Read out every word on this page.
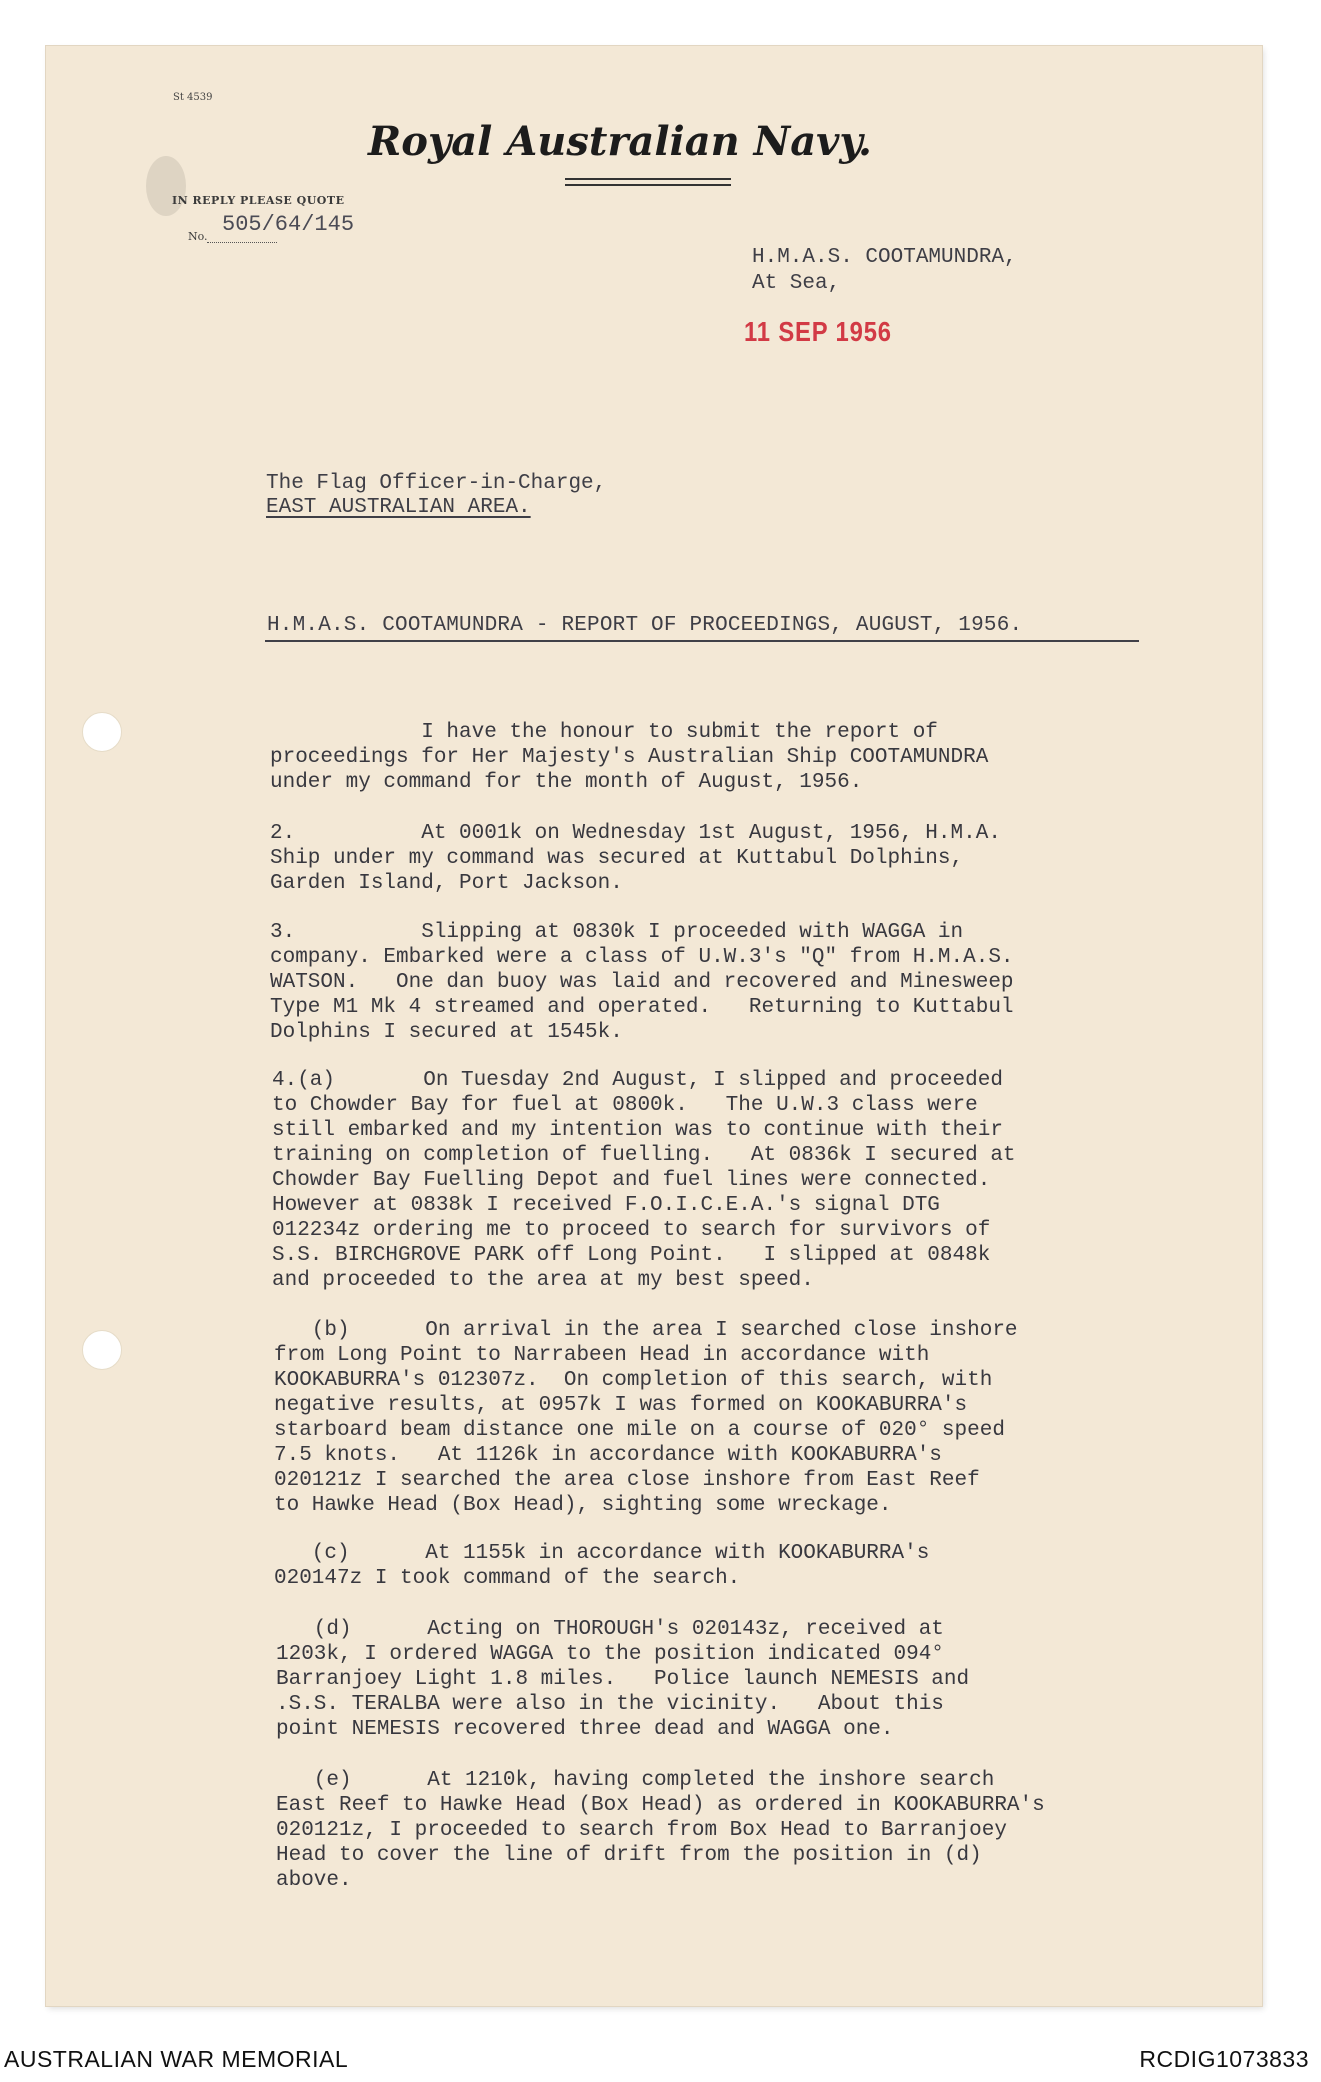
St 4539
Royal Australian Navy.
IN REPLY PLEASE QUOTE
No. 505/64/145
H.M.A.S. COOTAMUNDRA,
At Sea,
11 SEP 1956
The Flag Officer-in-Charge,
EAST AUSTRALIAN AREA.
H.M.A.S. COOTAMUNDRA - REPORT OF PROCEEDINGS, AUGUST, 1956.
I have the honour to submit the report of
proceedings for Her Majesty's Australian Ship COOTAMUNDRA
under my command for the month of August, 1956.
2.          At 0001k on Wednesday 1st August, 1956, H.M.A.
Ship under my command was secured at Kuttabul Dolphins,
Garden Island, Port Jackson.
3.          Slipping at 0830k I proceeded with WAGGA in
company. Embarked were a class of U.W.3's "Q" from H.M.A.S.
WATSON.   One dan buoy was laid and recovered and Minesweep
Type M1 Mk 4 streamed and operated.   Returning to Kuttabul
Dolphins I secured at 1545k.
4.(a)       On Tuesday 2nd August, I slipped and proceeded
to Chowder Bay for fuel at 0800k.   The U.W.3 class were
still embarked and my intention was to continue with their
training on completion of fuelling.   At 0836k I secured at
Chowder Bay Fuelling Depot and fuel lines were connected.
However at 0838k I received F.O.I.C.E.A.'s signal DTG
012234z ordering me to proceed to search for survivors of
S.S. BIRCHGROVE PARK off Long Point.   I slipped at 0848k
and proceeded to the area at my best speed.
(b)      On arrival in the area I searched close inshore
from Long Point to Narrabeen Head in accordance with
KOOKABURRA's 012307z.  On completion of this search, with
negative results, at 0957k I was formed on KOOKABURRA's
starboard beam distance one mile on a course of 020° speed
7.5 knots.   At 1126k in accordance with KOOKABURRA's
020121z I searched the area close inshore from East Reef
to Hawke Head (Box Head), sighting some wreckage.
(c)      At 1155k in accordance with KOOKABURRA's
020147z I took command of the search.
(d)      Acting on THOROUGH's 020143z, received at
1203k, I ordered WAGGA to the position indicated 094°
Barranjoey Light 1.8 miles.   Police launch NEMESIS and
.S.S. TERALBA were also in the vicinity.   About this
point NEMESIS recovered three dead and WAGGA one.
(e)      At 1210k, having completed the inshore search
East Reef to Hawke Head (Box Head) as ordered in KOOKABURRA's
020121z, I proceeded to search from Box Head to Barranjoey
Head to cover the line of drift from the position in (d)
above.
AUSTRALIAN WAR MEMORIAL	RCDIG1073833
